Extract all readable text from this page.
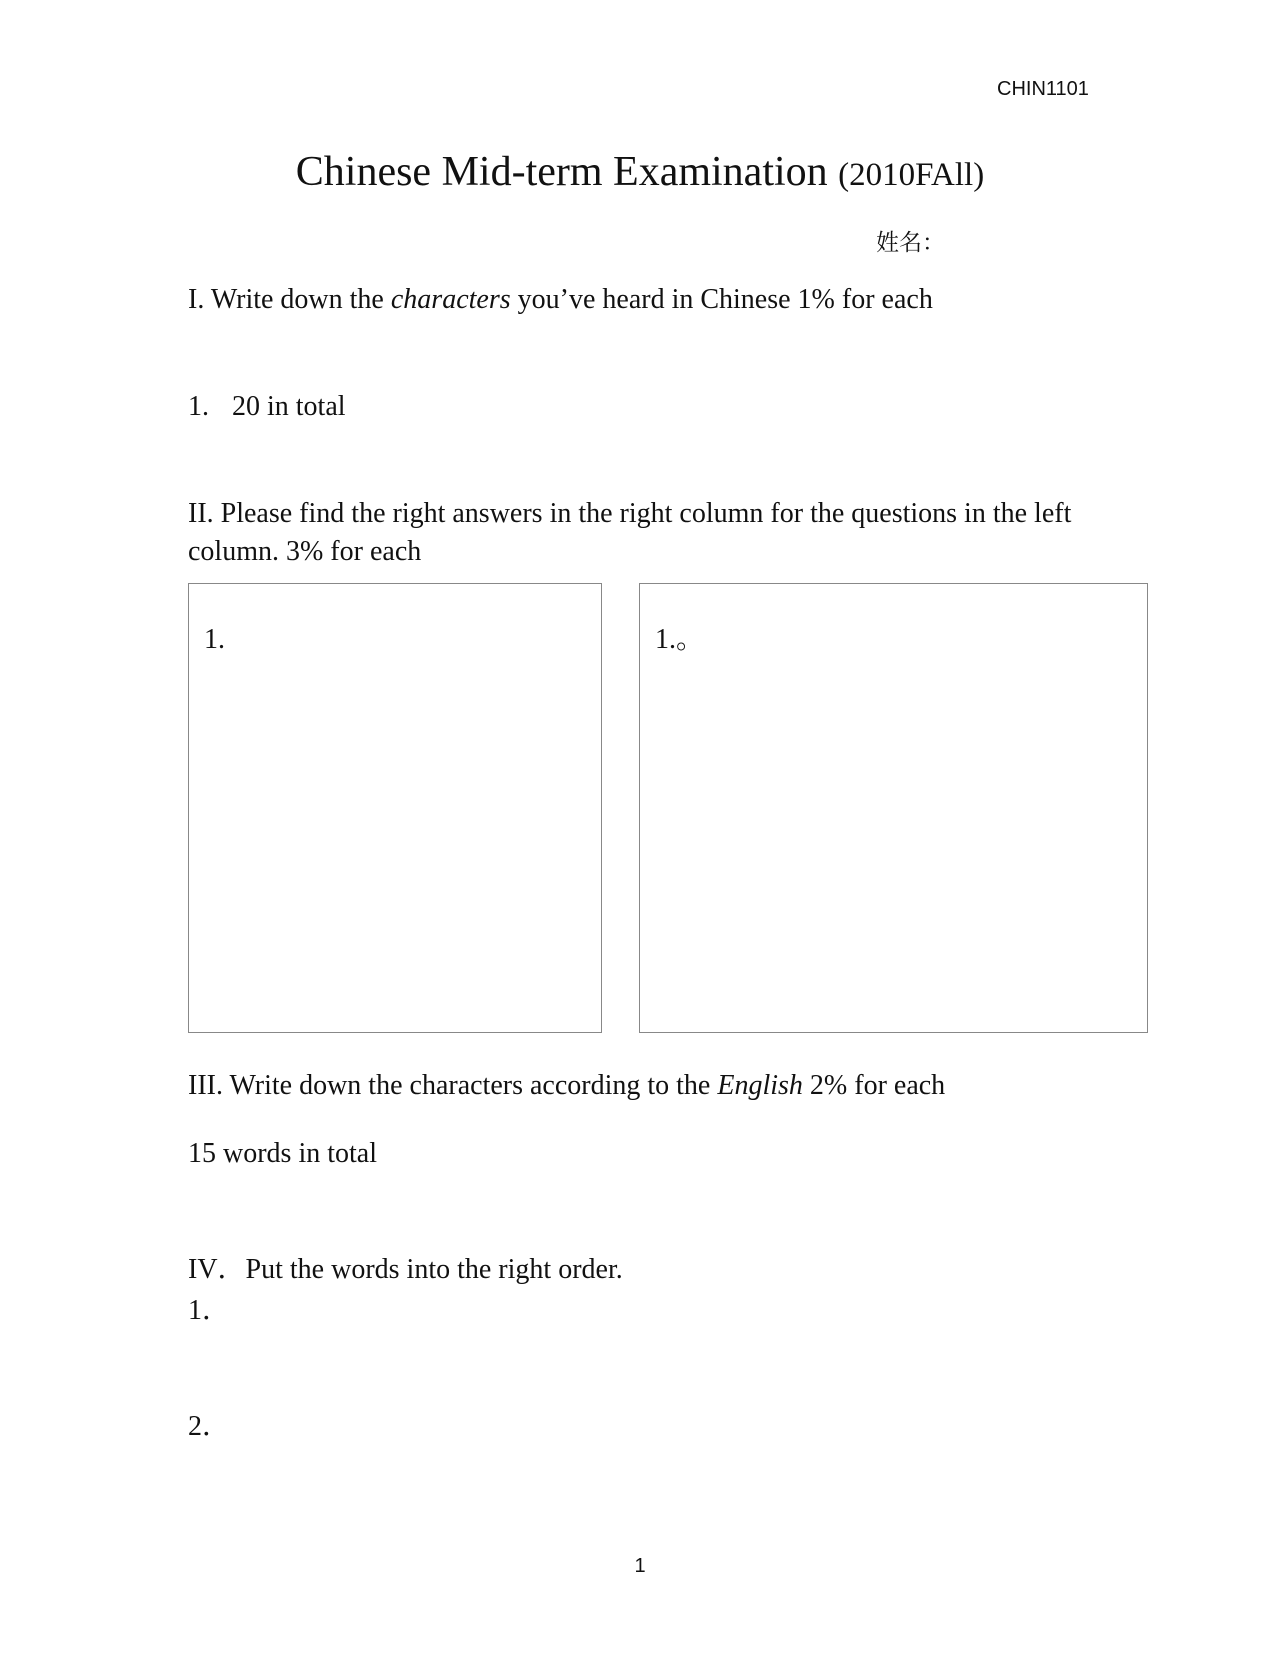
CHIN1101
Chinese Mid-term Examination (2010FAll)
姓名：
I. Write down the characters you’ve heard in Chinese 1% for each
1. 20 in total
II. Please find the right answers in the right column for the questions in the left column. 3% for each
1.	1.。
III. Write down the characters according to the English 2% for each
15 words in total
IV．Put the words into the right order.
1．
2．
1
